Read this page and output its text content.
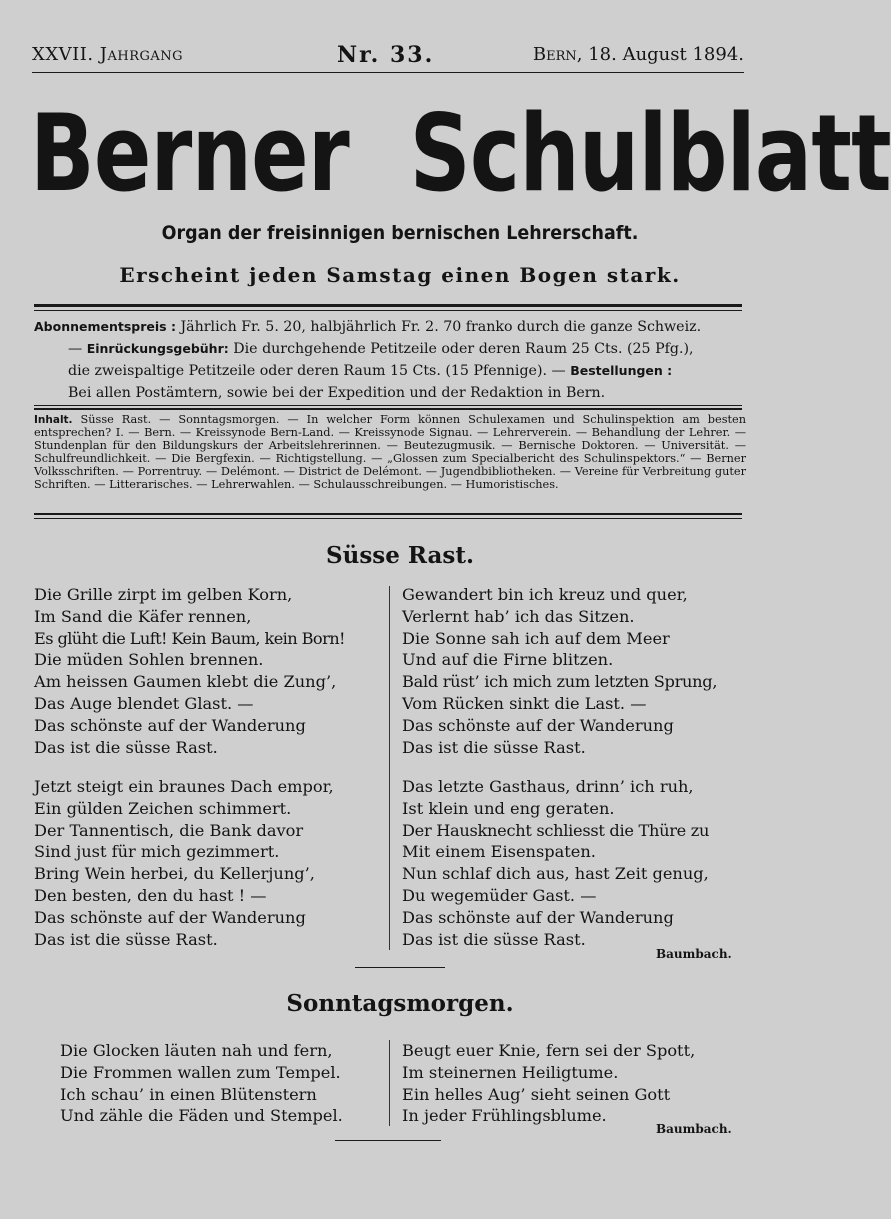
XXVII. Jahrgang	Nr. 33.	Bern, 18. August 1894.
Berner Schulblatt
Organ der freisinnigen bernischen Lehrerschaft.
Erscheint jeden Samstag einen Bogen stark.
Abonnementspreis : Jährlich Fr. 5. 20, halbjährlich Fr. 2. 70 franko durch die ganze Schweiz.
— Einrückungsgebühr: Die durchgehende Petitzeile oder deren Raum 25 Cts. (25 Pfg.),
die zweispaltige Petitzeile oder deren Raum 15 Cts. (15 Pfennige). — Bestellungen :
Bei allen Postämtern, sowie bei der Expedition und der Redaktion in Bern.
Inhalt. Süsse Rast. — Sonntagsmorgen. — In welcher Form können Schulexamen und Schulinspektion am besten entsprechen? I. — Bern. — Kreissynode Bern-Land. — Kreissynode Signau. — Lehrerverein. — Behandlung der Lehrer. — Stundenplan für den Bildungskurs der Arbeitslehrerinnen. — Beutezugmusik. — Bernische Doktoren. — Universität. — Schulfreundlichkeit. — Die Bergfexin. — Richtigstellung. — „Glossen zum Specialbericht des Schulinspektors.“ — Berner Volksschriften. — Porrentruy. — Delémont. — District de Delémont. — Jugendbibliotheken. — Vereine für Verbreitung guter Schriften. — Litterarisches. — Lehrerwahlen. — Schulausschreibungen. — Humoristisches.
Süsse Rast.
Die Grille zirpt im gelben Korn,
Im Sand die Käfer rennen,
Es glüht die Luft! Kein Baum, kein Born!
Die müden Sohlen brennen.
Am heissen Gaumen klebt die Zung’,
Das Auge blendet Glast. —
Das schönste auf der Wanderung
Das ist die süsse Rast.
Gewandert bin ich kreuz und quer,
Verlernt hab’ ich das Sitzen.
Die Sonne sah ich auf dem Meer
Und auf die Firne blitzen.
Bald rüst’ ich mich zum letzten Sprung,
Vom Rücken sinkt die Last. —
Das schönste auf der Wanderung
Das ist die süsse Rast.
Jetzt steigt ein braunes Dach empor,
Ein gülden Zeichen schimmert.
Der Tannentisch, die Bank davor
Sind just für mich gezimmert.
Bring Wein herbei, du Kellerjung’,
Den besten, den du hast ! —
Das schönste auf der Wanderung
Das ist die süsse Rast.
Das letzte Gasthaus, drinn’ ich ruh,
Ist klein und eng geraten.
Der Hausknecht schliesst die Thüre zu
Mit einem Eisenspaten.
Nun schlaf dich aus, hast Zeit genug,
Du wegemüder Gast. —
Das schönste auf der Wanderung
Das ist die süsse Rast.
Baumbach.
Sonntagsmorgen.
Die Glocken läuten nah und fern,
Die Frommen wallen zum Tempel.
Ich schau’ in einen Blütenstern
Und zähle die Fäden und Stempel.
Beugt euer Knie, fern sei der Spott,
Im steinernen Heiligtume.
Ein helles Aug’ sieht seinen Gott
In jeder Frühlingsblume.
Baumbach.
